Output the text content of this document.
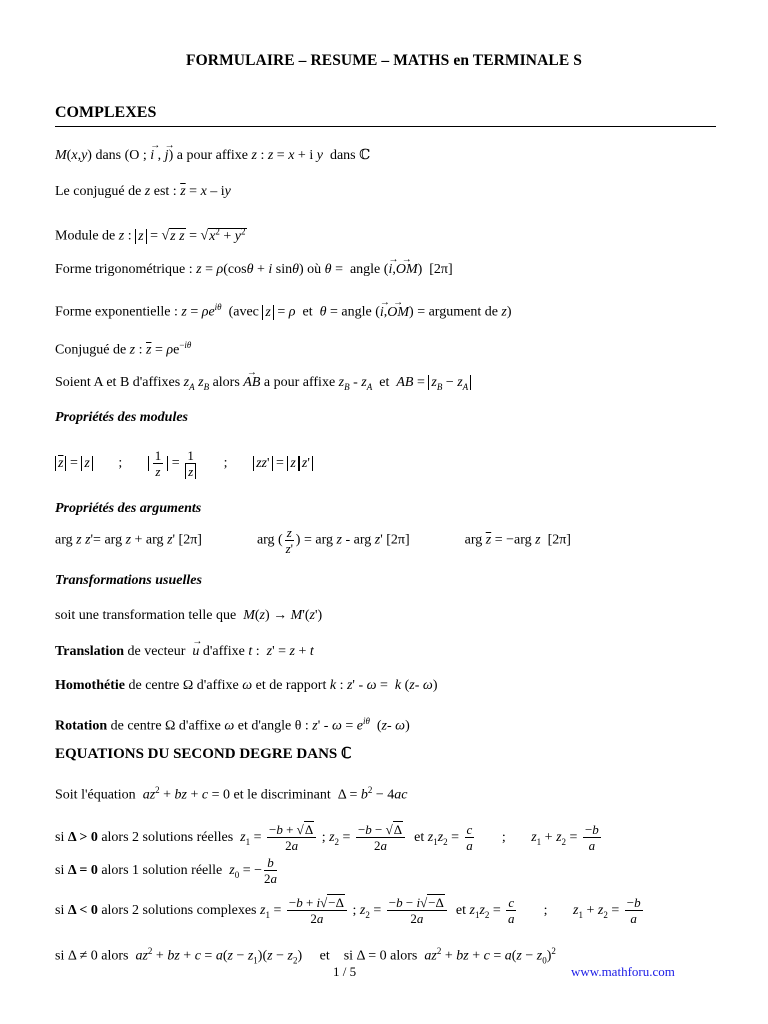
FORMULAIRE – RESUME – MATHS en TERMINALE S
COMPLEXES
M(x,y) dans (O ; → i , → j) a pour affixe z : z = x + i y  dans ℂ
Le conjugué de z est : $\overline{z} = x$ – iy
Module de z : z = √z $\overline{z} = √x^2 + y^2$
Forme trigonométrique : z = ρ(cosθ + i sinθ) où θ =  angle (→ i,→ OM)  [2π]
Forme exponentielle : $z = \rho e^{i\theta}$  (avec z = ρ  et  θ = angle (→ i,→ OM) = argument de z)
Conjugué de z : $\overline{z} = \rho e^{-i\theta}$
Soient A et B d'affixes $z_A$ $z_B$ alors → AB a pour affixe $z_B - z_A$  et  AB = $z_B - z_A$
Propriétés des modules
$\overline{z} = z$ ; $\frac{1}{z} = \frac{1}{z}$ ; zz' = z z'
Propriétés des arguments
arg z z'= arg z + arg z' [2π]	arg ( $\frac{z}{z'}$ ) = arg z - arg z' [2π]	arg $\overline{z} = -arg$ z  [2π]
Transformations usuelles
soit une transformation telle que  M(z) → M'(z')
Translation de vecteur  → u d'affixe t :  z' = z + t
Homothétie de centre Ω d'affixe ω et de rapport k : z' - ω =  k (z- ω)
Rotation de centre Ω d'affixe ω et d'angle θ : $z' - \omega = e^{i\theta}$  (z- ω)
EQUATIONS DU SECOND DEGRE DANS ℂ
Soit l'équation  $az^2$ + bz + c = 0 et le discriminant  $\Delta = b^2 - 4ac$
si Δ > 0 alors 2 solutions réelles  $z_1 = \frac{-b + √\Delta}{2a}$ ; $z_2 = \frac{-b - √\Delta}{2a}$ et $z_1z_2 = \frac{c}{a}$ ; $z_1 + z_2 = \frac{-b}{a}$
si Δ = 0 alors 1 solution réelle  $z_0$ = − $\frac{b}{2a}$
si Δ < 0 alors 2 solutions complexes $z_1 = \frac{-b + i√-\Delta}{2a}$ ; $z_2 = \frac{-b - i√-\Delta}{2a}$ et $z_1z_2 = \frac{c}{a}$ ; $z_1 + z_2 = \frac{-b}{a}$
si Δ ≠ 0 alors  $az^2$ + bz + $c = a(z - z_1)(z - z_2)$     et    si Δ = 0 alors  $az^2$ + bz + $c = a(z - z_0)^2$
1 / 5	www.mathforu.com
